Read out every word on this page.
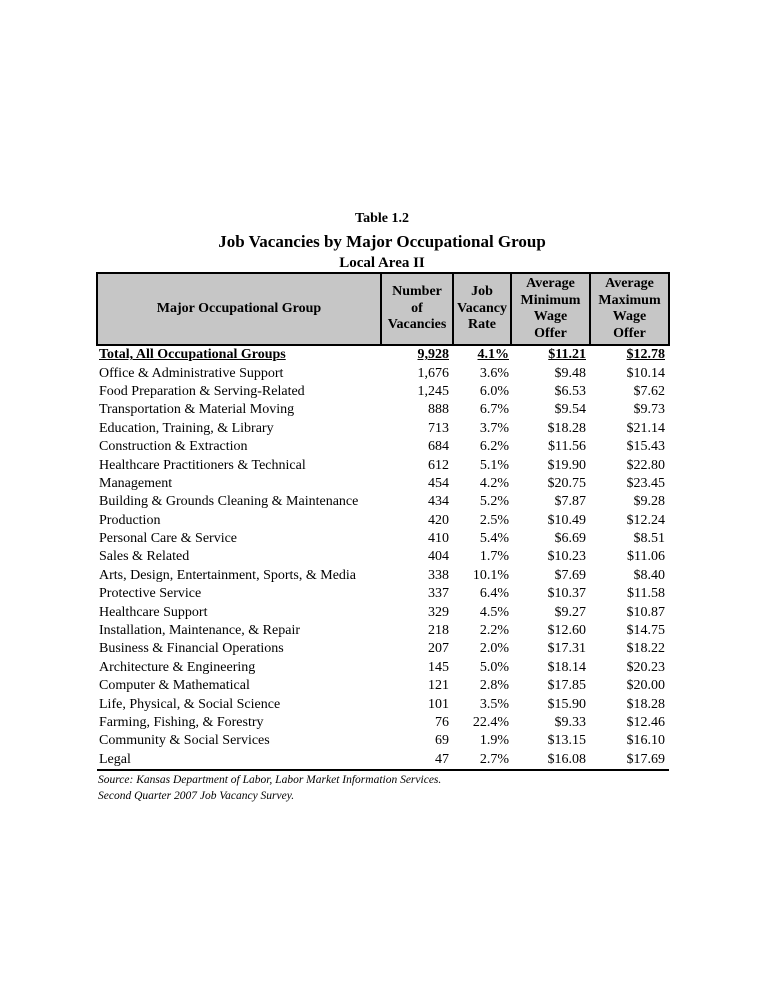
Table 1.2
Job Vacancies by Major Occupational Group
Local Area II
Major Occupational Group	Number
of
Vacancies	Job
Vacancy
Rate	Average
Minimum
Wage
Offer	Average
Maximum
Wage
Offer
Total, All Occupational Groups	9,928	4.1%	$11.21	$12.78
Office & Administrative Support	1,676	3.6%	$9.48	$10.14
Food Preparation & Serving-Related	1,245	6.0%	$6.53	$7.62
Transportation & Material Moving	888	6.7%	$9.54	$9.73
Education, Training, & Library	713	3.7%	$18.28	$21.14
Construction & Extraction	684	6.2%	$11.56	$15.43
Healthcare Practitioners & Technical	612	5.1%	$19.90	$22.80
Management	454	4.2%	$20.75	$23.45
Building & Grounds Cleaning & Maintenance	434	5.2%	$7.87	$9.28
Production	420	2.5%	$10.49	$12.24
Personal Care & Service	410	5.4%	$6.69	$8.51
Sales & Related	404	1.7%	$10.23	$11.06
Arts, Design, Entertainment, Sports, & Media	338	10.1%	$7.69	$8.40
Protective Service	337	6.4%	$10.37	$11.58
Healthcare Support	329	4.5%	$9.27	$10.87
Installation, Maintenance, & Repair	218	2.2%	$12.60	$14.75
Business & Financial Operations	207	2.0%	$17.31	$18.22
Architecture & Engineering	145	5.0%	$18.14	$20.23
Computer & Mathematical	121	2.8%	$17.85	$20.00
Life, Physical, & Social Science	101	3.5%	$15.90	$18.28
Farming, Fishing, & Forestry	76	22.4%	$9.33	$12.46
Community & Social Services	69	1.9%	$13.15	$16.10
Legal	47	2.7%	$16.08	$17.69
Source: Kansas Department of Labor, Labor Market Information Services.
Second Quarter 2007 Job Vacancy Survey.
